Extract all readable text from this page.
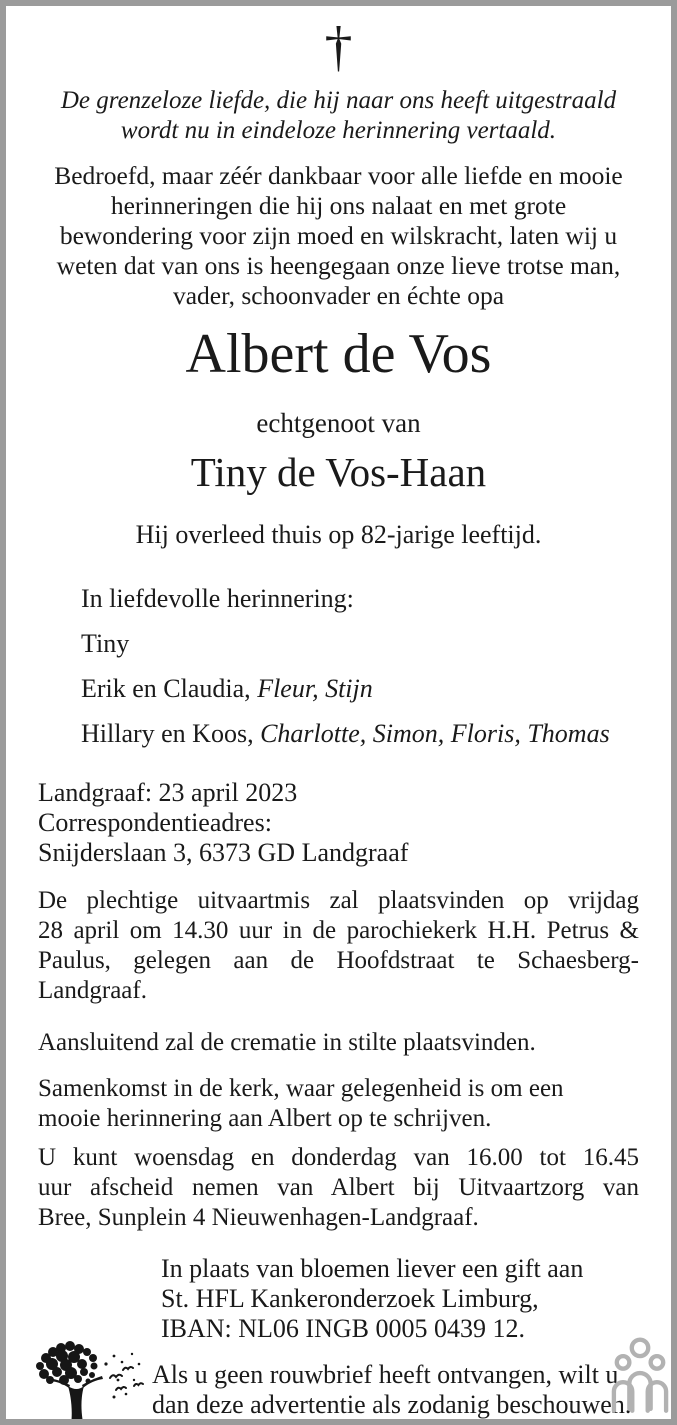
†
De grenzeloze liefde, die hij naar ons heeft uitgestraald
wordt nu in eindeloze herinnering vertaald.
Bedroefd, maar zéér dankbaar voor alle liefde en mooie
herinneringen die hij ons nalaat en met grote
bewondering voor zijn moed en wilskracht, laten wij u
weten dat van ons is heengegaan onze lieve trotse man,
vader, schoonvader en échte opa
Albert de Vos
echtgenoot van
Tiny de Vos-Haan
Hij overleed thuis op 82-jarige leeftijd.
In liefdevolle herinnering:
Tiny
Erik en Claudia, Fleur, Stijn
Hillary en Koos, Charlotte, Simon, Floris, Thomas
Landgraaf: 23 april 2023
Correspondentieadres:
Snijderslaan 3, 6373 GD Landgraaf
De plechtige uitvaartmis zal plaatsvinden op vrijdag
28 april om 14.30 uur in de parochiekerk H.H. Petrus &
Paulus, gelegen aan de Hoofdstraat te Schaesberg-
Landgraaf.
Aansluitend zal de crematie in stilte plaatsvinden.
Samenkomst in de kerk, waar gelegenheid is om een
mooie herinnering aan Albert op te schrijven.
U kunt woensdag en donderdag van 16.00 tot 16.45
uur afscheid nemen van Albert bij Uitvaartzorg van
Bree, Sunplein 4 Nieuwenhagen-Landgraaf.
In plaats van bloemen liever een gift aan
St. HFL Kankeronderzoek Limburg,
IBAN: NL06 INGB 0005 0439 12.
Als u geen rouwbrief heeft ontvangen, wilt u
dan deze advertentie als zodanig beschouwen.
